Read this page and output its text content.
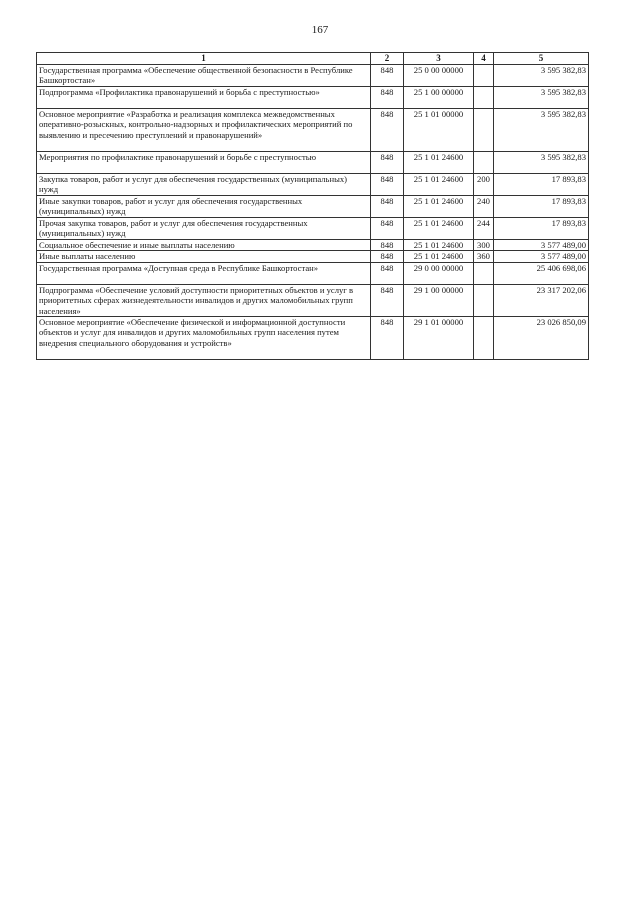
167
1	2	3	4	5
Государственная программа «Обеспечение общественной безопасности в Республике Башкортостан»	848	25 0 00 00000		3 595 382,83
Подпрограмма «Профилактика правонарушений и борьба с преступностью»	848	25 1 00 00000		3 595 382,83
Основное мероприятие «Разработка и реализация комплекса межведомственных оперативно-розыскных, контрольно-надзорных и профилактических мероприятий по выявлению и пресечению преступлений и правонарушений»	848	25 1 01 00000		3 595 382,83
Мероприятия по профилактике правонарушений и борьбе с преступностью	848	25 1 01 24600		3 595 382,83
Закупка товаров, работ и услуг для обеспечения государственных (муниципальных) нужд	848	25 1 01 24600	200	17 893,83
Иные закупки товаров, работ и услуг для обеспечения государственных (муниципальных) нужд	848	25 1 01 24600	240	17 893,83
Прочая закупка товаров, работ и услуг для обеспечения государственных (муниципальных) нужд	848	25 1 01 24600	244	17 893,83
Социальное обеспечение и иные выплаты населению	848	25 1 01 24600	300	3 577 489,00
Иные выплаты населению	848	25 1 01 24600	360	3 577 489,00
Государственная программа «Доступная среда в Республике Башкортостан»	848	29 0 00 00000		25 406 698,06
Подпрограмма «Обеспечение условий доступности приоритетных объектов и услуг в приоритетных сферах жизнедеятельности инвалидов и других маломобильных групп населения»	848	29 1 00 00000		23 317 202,06
Основное мероприятие «Обеспечение физической и информационной доступности объектов и услуг для инвалидов и других маломобильных групп населения путем внедрения специального оборудования и устройств»	848	29 1 01 00000		23 026 850,09
